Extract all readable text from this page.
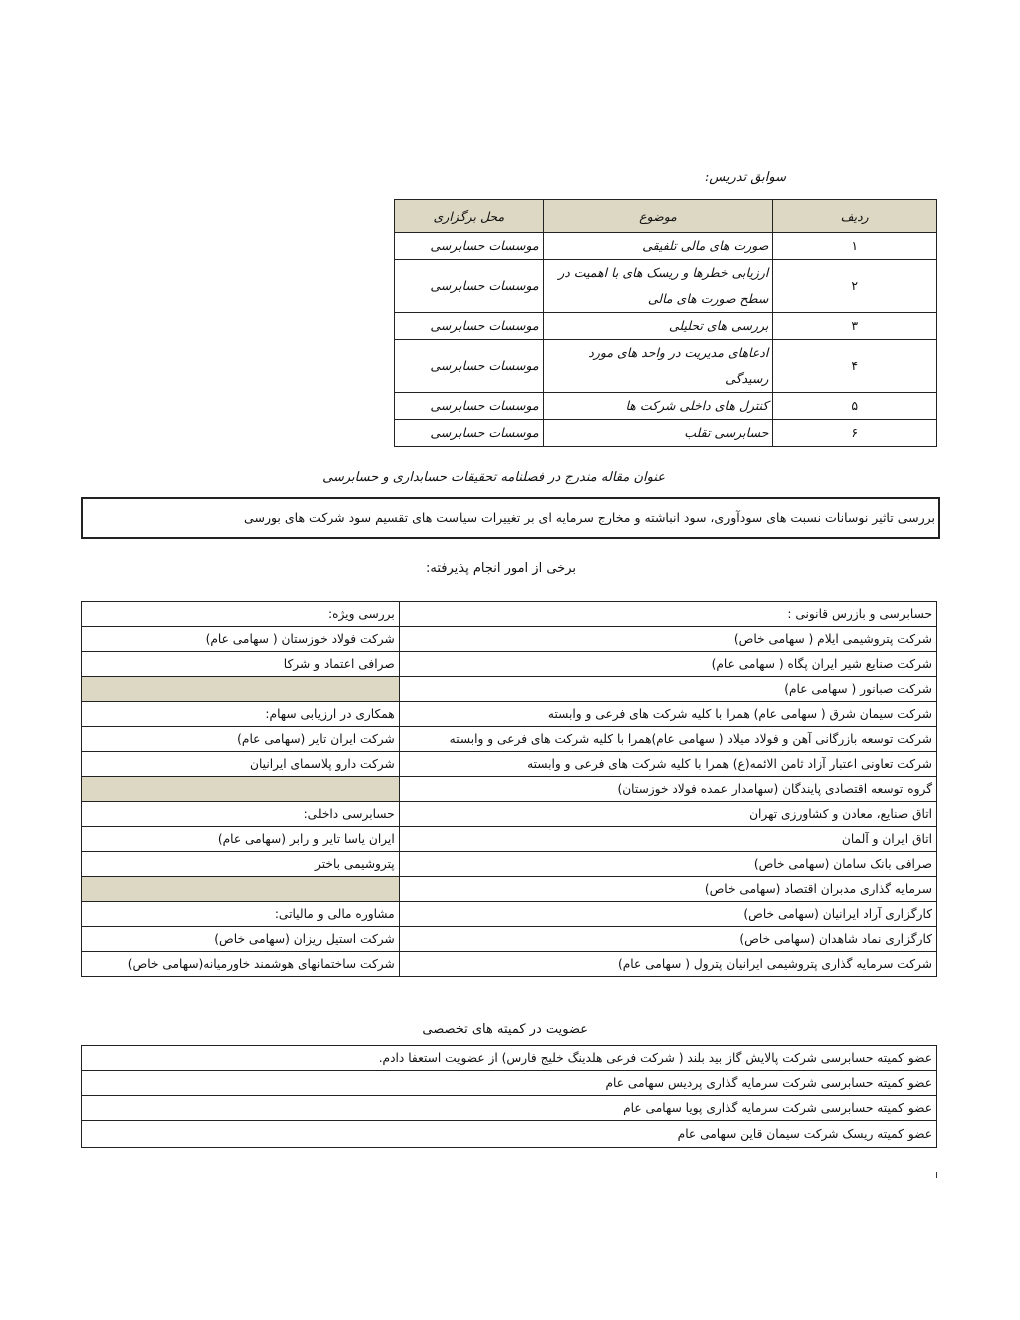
سوابق تدریس:
ردیف	موضوع	محل برگزاری
۱	صورت های مالی تلفیقی	موسسات حسابرسی
۲	ارزیابی خطرها و ریسک های با اهمیت در سطح صورت های مالی	موسسات حسابرسی
۳	بررسی های تحلیلی	موسسات حسابرسی
۴	ادعاهای مدیریت در واحد های مورد رسیدگی	موسسات حسابرسی
۵	کنترل های داخلی شرکت ها	موسسات حسابرسی
۶	حسابرسی تقلب	موسسات حسابرسی
عنوان مقاله مندرج در فصلنامه تحقیقات حسابداری و حسابرسی
بررسی تاثیر نوسانات نسبت های سودآوری، سود انباشته و مخارج سرمایه ای بر تغییرات سیاست های تقسیم سود شرکت های بورسی
برخی از امور انجام پذیرفته:
حسابرسی و بازرس قانونی :	بررسی ویژه:
شرکت پتروشیمی ایلام ( سهامی خاص)	شرکت فولاد خوزستان ( سهامی عام)
شرکت صنایع شیر ایران پگاه ( سهامی عام)	صرافی اعتماد و شرکا
شرکت صبانور ( سهامی عام)	
شرکت سیمان شرق ( سهامی عام) همرا با کلیه شرکت های فرعی و وابسته	همکاری در ارزیابی سهام:
شرکت توسعه بازرگانی آهن و فولاد میلاد ( سهامی عام)همرا با کلیه شرکت های فرعی و وابسته	شرکت ایران تایر (سهامی عام)
شرکت تعاونی اعتبار آزاد ثامن الائمه(ع) همرا با کلیه شرکت های فرعی و وابسته	شرکت دارو پلاسمای ایرانیان
گروه توسعه اقتصادی پایندگان (سهامدار عمده فولاد خوزستان)	
اتاق صنایع، معادن و کشاورزی تهران	حسابرسی داخلی:
اتاق ایران و آلمان	ایران یاسا تایر و رابر (سهامی عام)
صرافی بانک سامان (سهامی خاص)	پتروشیمی باختر
سرمایه گذاری مدبران اقتصاد (سهامی خاص)	
کارگزاری آراد ایرانیان (سهامی خاص)	مشاوره مالی و مالیاتی:
کارگزاری نماد شاهدان (سهامی خاص)	شرکت استیل ریزان (سهامی خاص)
شرکت سرمایه گذاری پتروشیمی ایرانیان پترول ( سهامی عام)	شرکت ساختمانهای هوشمند خاورمیانه(سهامی خاص)
عضویت در کمیته های تخصصی
عضو کمیته حسابرسی شرکت پالایش گاز بید بلند ( شرکت فرعی هلدینگ خلیج فارس) از عضویت استعفا دادم.
عضو کمیته حسابرسی شرکت سرمایه گذاری پردیس سهامی عام
عضو کمیته حسابرسی شرکت سرمایه گذاری پویا سهامی عام
عضو کمیته ریسک شرکت سیمان قاین سهامی عام
